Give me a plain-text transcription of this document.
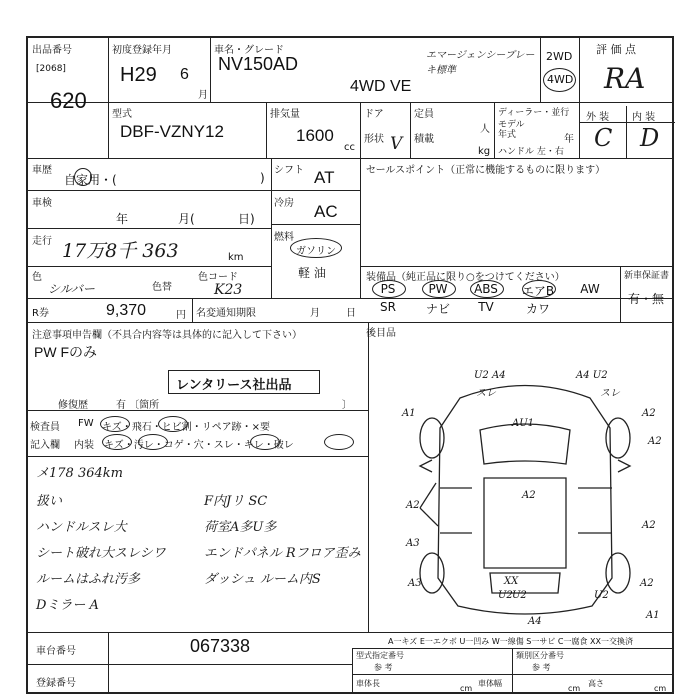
出品番号
[2068]
620
初度登録年月
H29 6
月
車名・グレード
NV150AD
4WD VE
エマージェンシーブレーキ標準
2WD
4WD
評 価 点
RA
外 装 内 装
C D
型式
DBF-VZNY12
排気量
1600
cc
ドア
形状 V
定員
人
積載
kg
ディーラー・並行
モデル年式	年
ハンドル 左・右
車歴
自家用・(	)
車検
年	月(	日)
走行 17万8千 363	km
色
シルバー	色替
色コード
K23
シフト AT
冷房 AC
燃料
ガソリン
軽 油
R券	9,370	円 名変通知期限	月	日
セールスポイント（正常に機能するものに限ります）
装備品（純正品に限り○をつけてください）	新車保証書
有・無
PS	PW	ABS	エアB	AW
SR	ナビ	TV	カワ
後目品
注意事項申告欄（不具合内容等は具体的に記入して下さい）
PW Fのみ
レンタリース社出品
修復歴	有 〔箇所	〕
検査員
記入欄
FW キズ・飛石・ヒビ割・リペア跡・×要
内装 キズ・汚レ・コゲ・穴・スレ・キレ・破レ
メ178 364km
扱い
ハンドルスレ大
シート破れ大スレシワ
ルームはふれ汚多
Dミラー A
F内Jリ SC
荷室A多U多
エンドパネル Rフロア歪み
ダッシュ ルーム内S
U2 A4	A4 U2
スレ	スレ
A1	A2
AU1
A2
A2
A2
A2
A3
A3	A2
XX
U2	U2
A4
A1
U2
A一キズ E一エクボ U一凹み W一線傷 S一サビ C一腐食 XX一交換済
車台番号	067338
登録番号
型式指定番号
参 考
類別区分番号
参 考
車体長	車体幅	高さ
cm	cm	cm
